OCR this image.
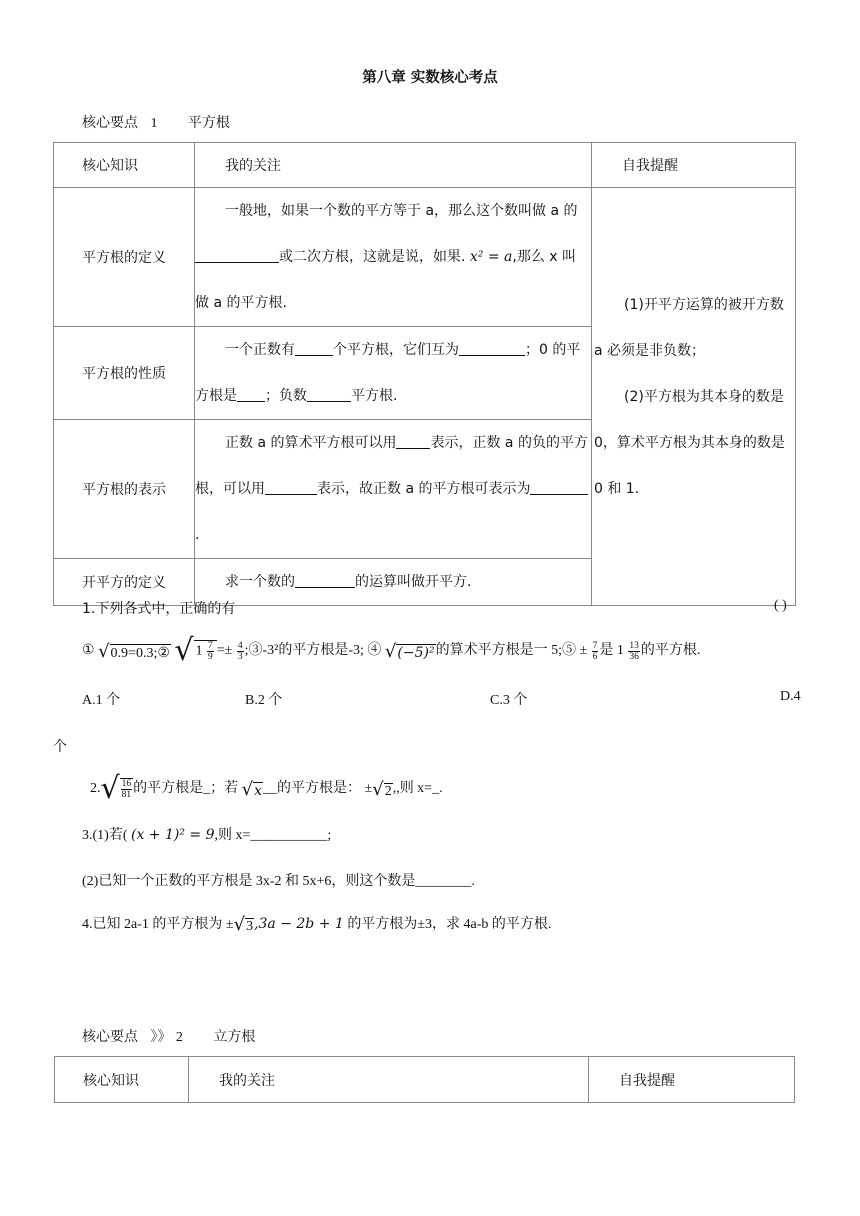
第八章 实数核心考点
核心要点 1 平方根
核心知识	我的关注	自我提醒
平方根的定义	一般地，如果一个数的平方等于 a，那么这个数叫做 a 的或二次方根，这就是说，如果. x² = a,那么 x 叫做 a 的平方根.	(1)开平方运算的被开方数 a 必须是非负数；
(2)平方根为其本身的数是 0，算术平方根为其本身的数是 0 和 1.

平方根的性质	一个正数有 个平方根，它们互为 ；0 的平方根是 ；负数 平方根.	
平方根的表示	正数 a 的算术平方根可以用 表示，正数 a 的负的平方根，可以用 表示，故正数 a 的平方根可表示为.	
开平方的定义	求一个数的 的运算叫做开平方.	
1.下列各式中，正确的有	( )
① √0.9=0.3;② √ $1 \frac{7}{9} =\pm \frac{4}{3}$ ;③-3²的平方根是-3; ④ √(−5)²的算术平方根是一 5;⑤ ± $\frac{7}{6}$ 是 $1 \frac{13}{36}$ 的平方根.
A.1 个	B.2 个	C.3 个	D.4
个
$2.√ \frac{16}{81}$ 的平方根是_；若 √x__的平方根是： ±√2,,则 x=_.
3.(1)若( (x + 1)² = 9,则 x=___________;
(2)已知一个正数的平方根是 3x-2 和 5x+6，则这个数是________.
4.已知 2a-1 的平方根为 ±√3,3a − 2b + 1 的平方根为±3，求 4a-b 的平方根.
核心要点 》》 2 立方根
核心知识	我的关注	自我提醒
